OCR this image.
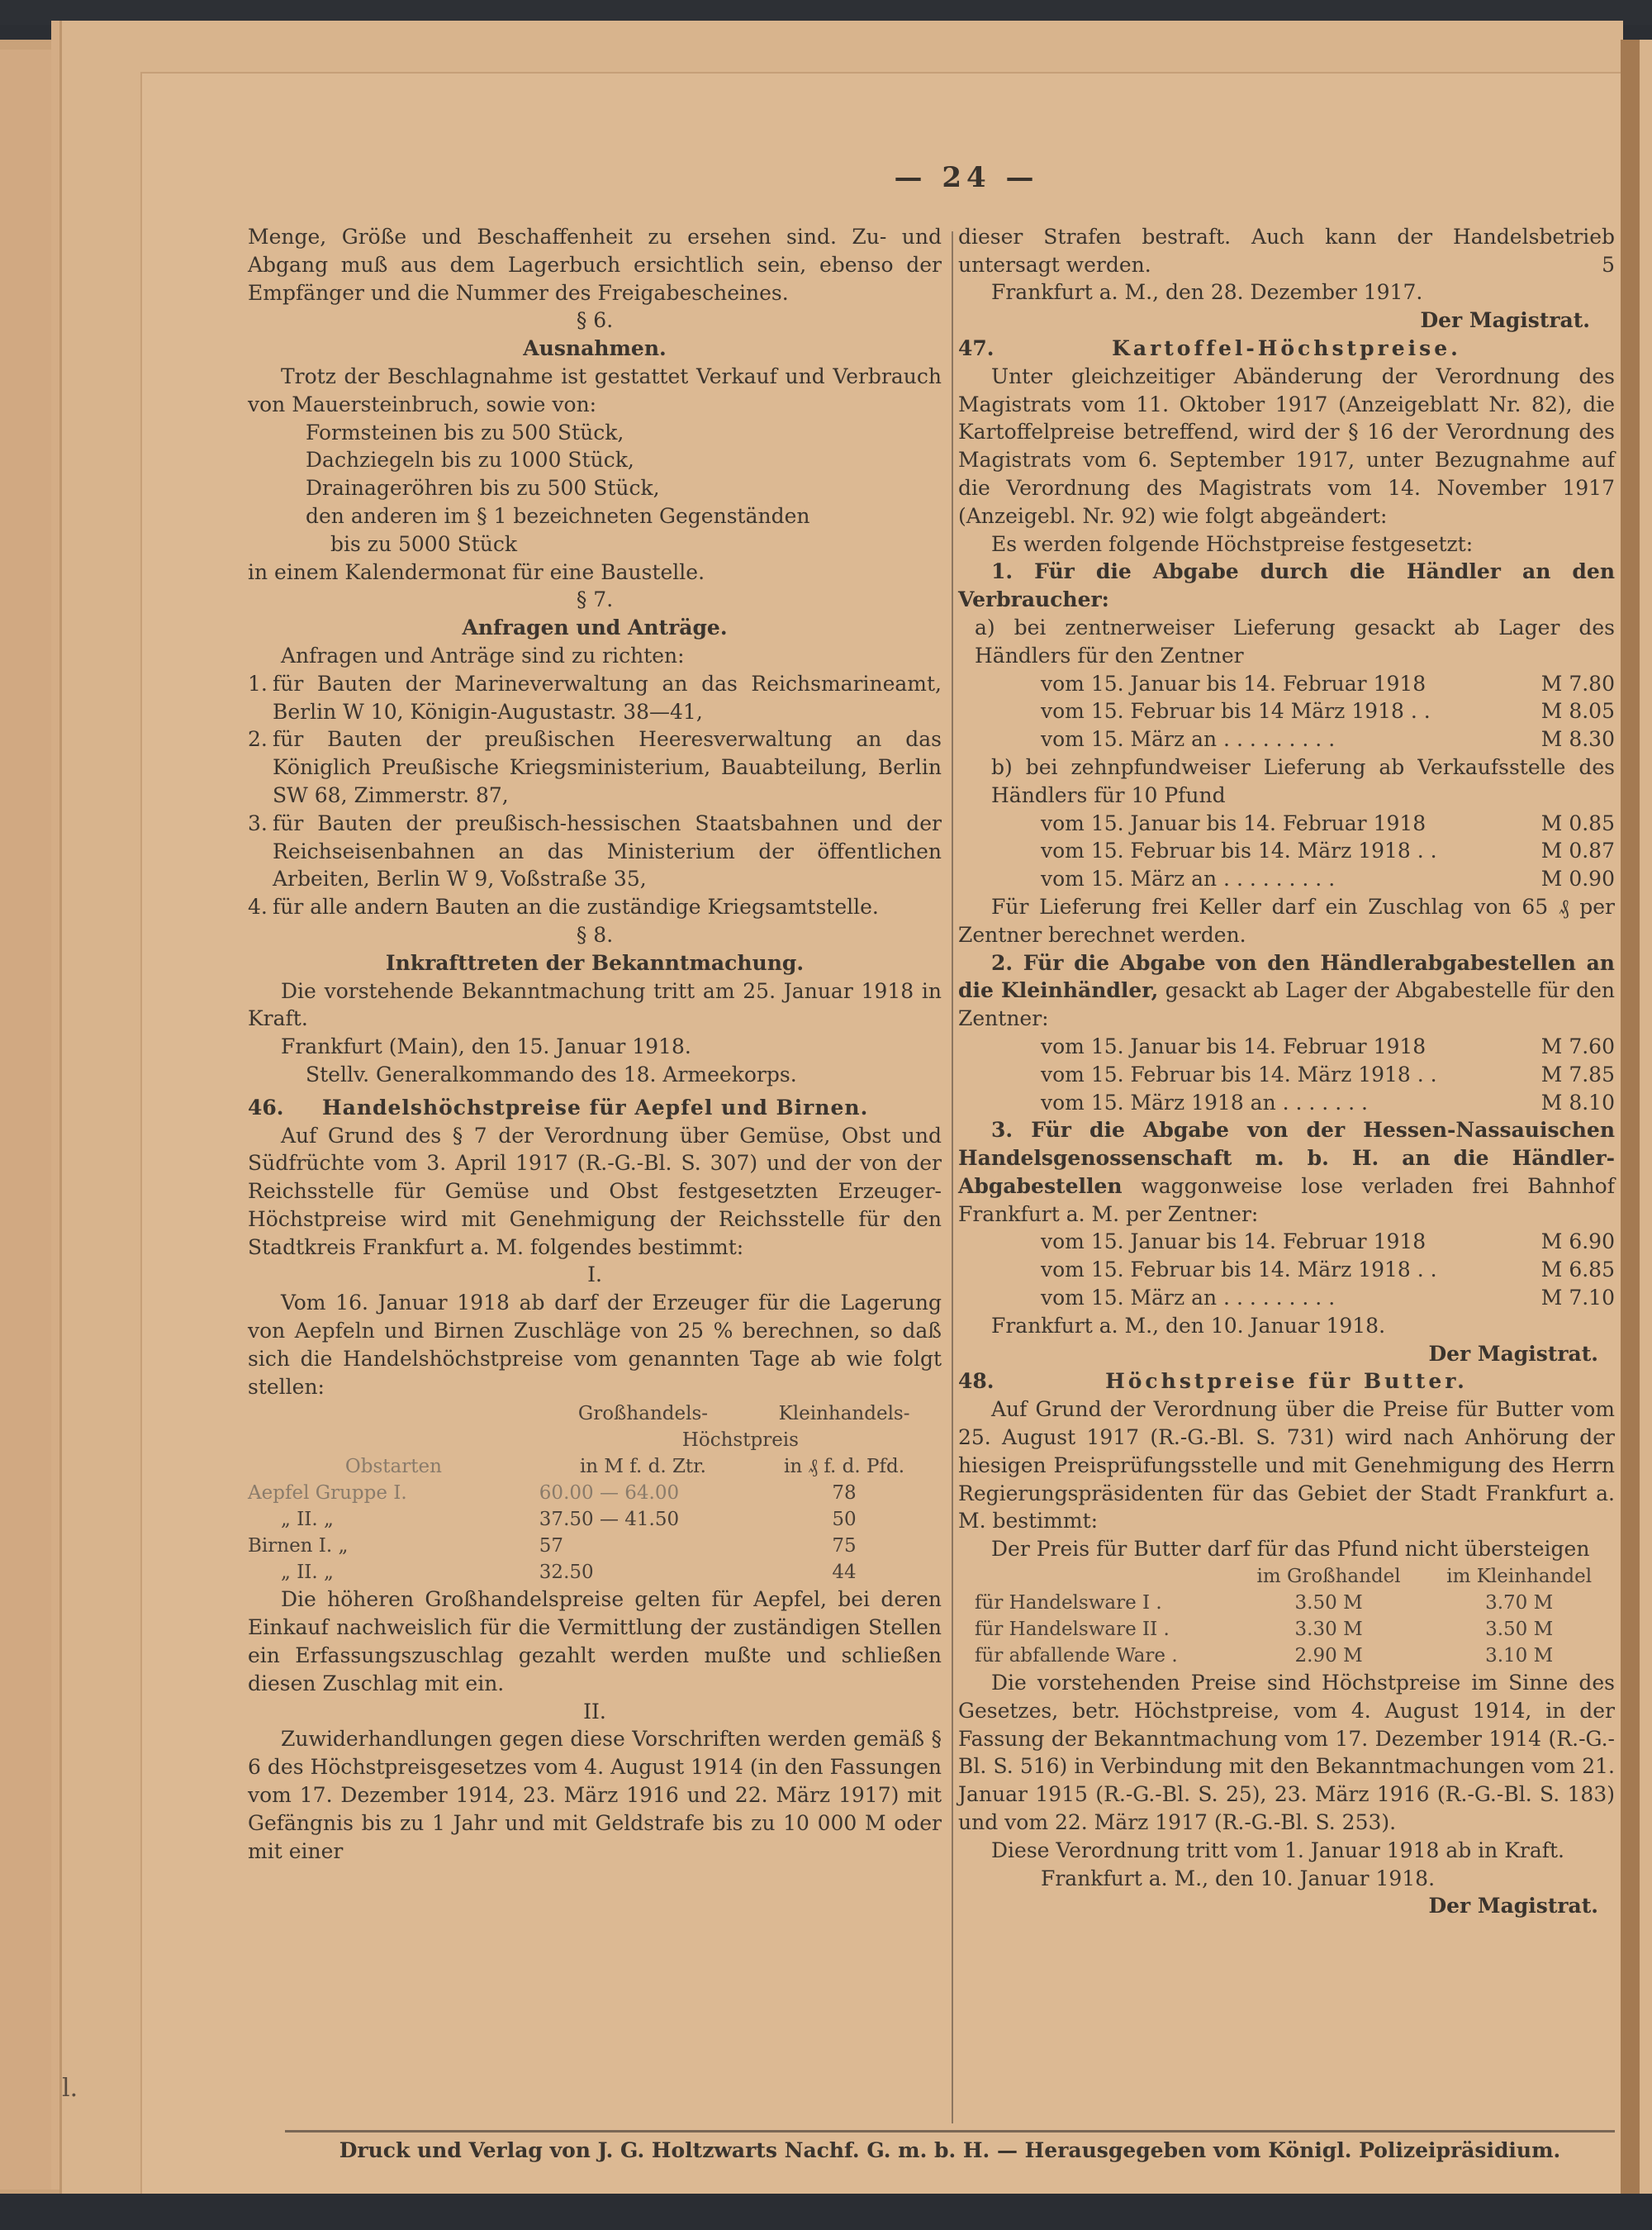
— 24 —

Menge, Größe und Beschaffenheit zu ersehen sind. Zu- und Abgang muß aus dem Lagerbuch ersichtlich sein, ebenso der Empfänger und die Nummer des Freigabescheines.

§ 6.

Ausnahmen.

Trotz der Beschlagnahme ist gestattet Verkauf und Verbrauch von Mauersteinbruch, sowie von:

Formsteinen bis zu 500 Stück,
Dachziegeln bis zu 1000 Stück,
Drainageröhren bis zu 500 Stück,
den anderen im § 1 bezeichneten Gegenständen
bis zu 5000 Stück

in einem Kalendermonat für eine Baustelle.

§ 7.

Anfragen und Anträge.

Anfragen und Anträge sind zu richten:

1. für Bauten der Marineverwaltung an das Reichsmarineamt, Berlin W 10, Königin-Augustastr. 38—41,
2. für Bauten der preußischen Heeresverwaltung an das Königlich Preußische Kriegsministerium, Bauabteilung, Berlin SW 68, Zimmerstr. 87,
3. für Bauten der preußisch-hessischen Staatsbahnen und der Reichseisenbahnen an das Ministerium der öffentlichen Arbeiten, Berlin W 9, Voßstraße 35,
4. für alle andern Bauten an die zuständige Kriegsamtstelle.

§ 8.

Inkrafttreten der Bekanntmachung.

Die vorstehende Bekanntmachung tritt am 25. Januar 1918 in Kraft.

Frankfurt (Main), den 15. Januar 1918.

Stellv. Generalkommando des 18. Armeekorps.

46.	Handelshöchstpreise für Aepfel und Birnen.

Auf Grund des § 7 der Verordnung über Gemüse, Obst und Südfrüchte vom 3. April 1917 (R.-G.-Bl. S. 307) und der von der Reichsstelle für Gemüse und Obst festgesetzten Erzeuger-Höchstpreise wird mit Genehmigung der Reichsstelle für den Stadtkreis Frankfurt a. M. folgendes bestimmt:

I.

Vom 16. Januar 1918 ab darf der Erzeuger für die Lagerung von Aepfeln und Birnen Zuschläge von 25 % berechnen, so daß sich die Handelshöchstpreise vom genannten Tage ab wie folgt stellen:

	Großhandels-	Kleinhandels-
	Höchstpreis	
Obstarten	in M f. d. Ztr.	in ₰ f. d. Pfd.
Aepfel Gruppe I.	60.00 — 64.00	78
„ II. „	37.50 — 41.50	50
Birnen I. „	57	75
„ II. „	32.50	44

Die höheren Großhandelspreise gelten für Aepfel, bei deren Einkauf nachweislich für die Vermittlung der zuständigen Stellen ein Erfassungszuschlag gezahlt werden mußte und schließen diesen Zuschlag mit ein.

II.

Zuwiderhandlungen gegen diese Vorschriften werden gemäß § 6 des Höchstpreisgesetzes vom 4. August 1914 (in den Fassungen vom 17. Dezember 1914, 23. März 1916 und 22. März 1917) mit Gefängnis bis zu 1 Jahr und mit Geldstrafe bis zu 10 000 M oder mit einer

dieser Strafen bestraft. Auch kann der Handelsbetrieb untersagt werden.	5

Frankfurt a. M., den 28. Dezember 1917.

Der Magistrat.

47.	Kartoffel-Höchstpreise.

Unter gleichzeitiger Abänderung der Verordnung des Magistrats vom 11. Oktober 1917 (Anzeigeblatt Nr. 82), die Kartoffelpreise betreffend, wird der § 16 der Verordnung des Magistrats vom 6. September 1917, unter Bezugnahme auf die Verordnung des Magistrats vom 14. November 1917 (Anzeigebl. Nr. 92) wie folgt abgeändert:

Es werden folgende Höchstpreise festgesetzt:

1. Für die Abgabe durch die Händler an den Verbraucher:

a) bei zentnerweiser Lieferung gesackt ab Lager des Händlers für den Zentner

vom 15. Januar bis 14. Februar 1918	M 7.80
vom 15. Februar bis 14 März 1918 . .	M 8.05
vom 15. März an . . . . . . . . .	M 8.30

b) bei zehnpfundweiser Lieferung ab Verkaufsstelle des Händlers für 10 Pfund

vom 15. Januar bis 14. Februar 1918	M 0.85
vom 15. Februar bis 14. März 1918 . .	M 0.87
vom 15. März an . . . . . . . . .	M 0.90

Für Lieferung frei Keller darf ein Zuschlag von 65 ₰ per Zentner berechnet werden.

2. Für die Abgabe von den Händlerabgabestellen an die Kleinhändler, gesackt ab Lager der Abgabestelle für den Zentner:

vom 15. Januar bis 14. Februar 1918	M 7.60
vom 15. Februar bis 14. März 1918 . .	M 7.85
vom 15. März 1918 an . . . . . . .	M 8.10

3. Für die Abgabe von der Hessen-Nassauischen Handelsgenossenschaft m. b. H. an die Händler-Abgabestellen waggonweise lose verladen frei Bahnhof Frankfurt a. M. per Zentner:

vom 15. Januar bis 14. Februar 1918	M 6.90
vom 15. Februar bis 14. März 1918 . .	M 6.85
vom 15. März an . . . . . . . . .	M 7.10

Frankfurt a. M., den 10. Januar 1918.

Der Magistrat.

48.	Höchstpreise für Butter.

Auf Grund der Verordnung über die Preise für Butter vom 25. August 1917 (R.-G.-Bl. S. 731) wird nach Anhörung der hiesigen Preisprüfungsstelle und mit Genehmigung des Herrn Regierungspräsidenten für das Gebiet der Stadt Frankfurt a. M. bestimmt:

Der Preis für Butter darf für das Pfund nicht übersteigen

	im Großhandel	im Kleinhandel
für Handelsware I .	3.50 M	3.70 M
für Handelsware II .	3.30 M	3.50 M
für abfallende Ware .	2.90 M	3.10 M

Die vorstehenden Preise sind Höchstpreise im Sinne des Gesetzes, betr. Höchstpreise, vom 4. August 1914, in der Fassung der Bekanntmachung vom 17. Dezember 1914 (R.-G.-Bl. S. 516) in Verbindung mit den Bekanntmachungen vom 21. Januar 1915 (R.-G.-Bl. S. 25), 23. März 1916 (R.-G.-Bl. S. 183) und vom 22. März 1917 (R.-G.-Bl. S. 253).

Diese Verordnung tritt vom 1. Januar 1918 ab in Kraft.

Frankfurt a. M., den 10. Januar 1918.

Der Magistrat.

Druck und Verlag von J. G. Holtzwarts Nachf. G. m. b. H. — Herausgegeben vom Königl. Polizeipräsidium.
l.
